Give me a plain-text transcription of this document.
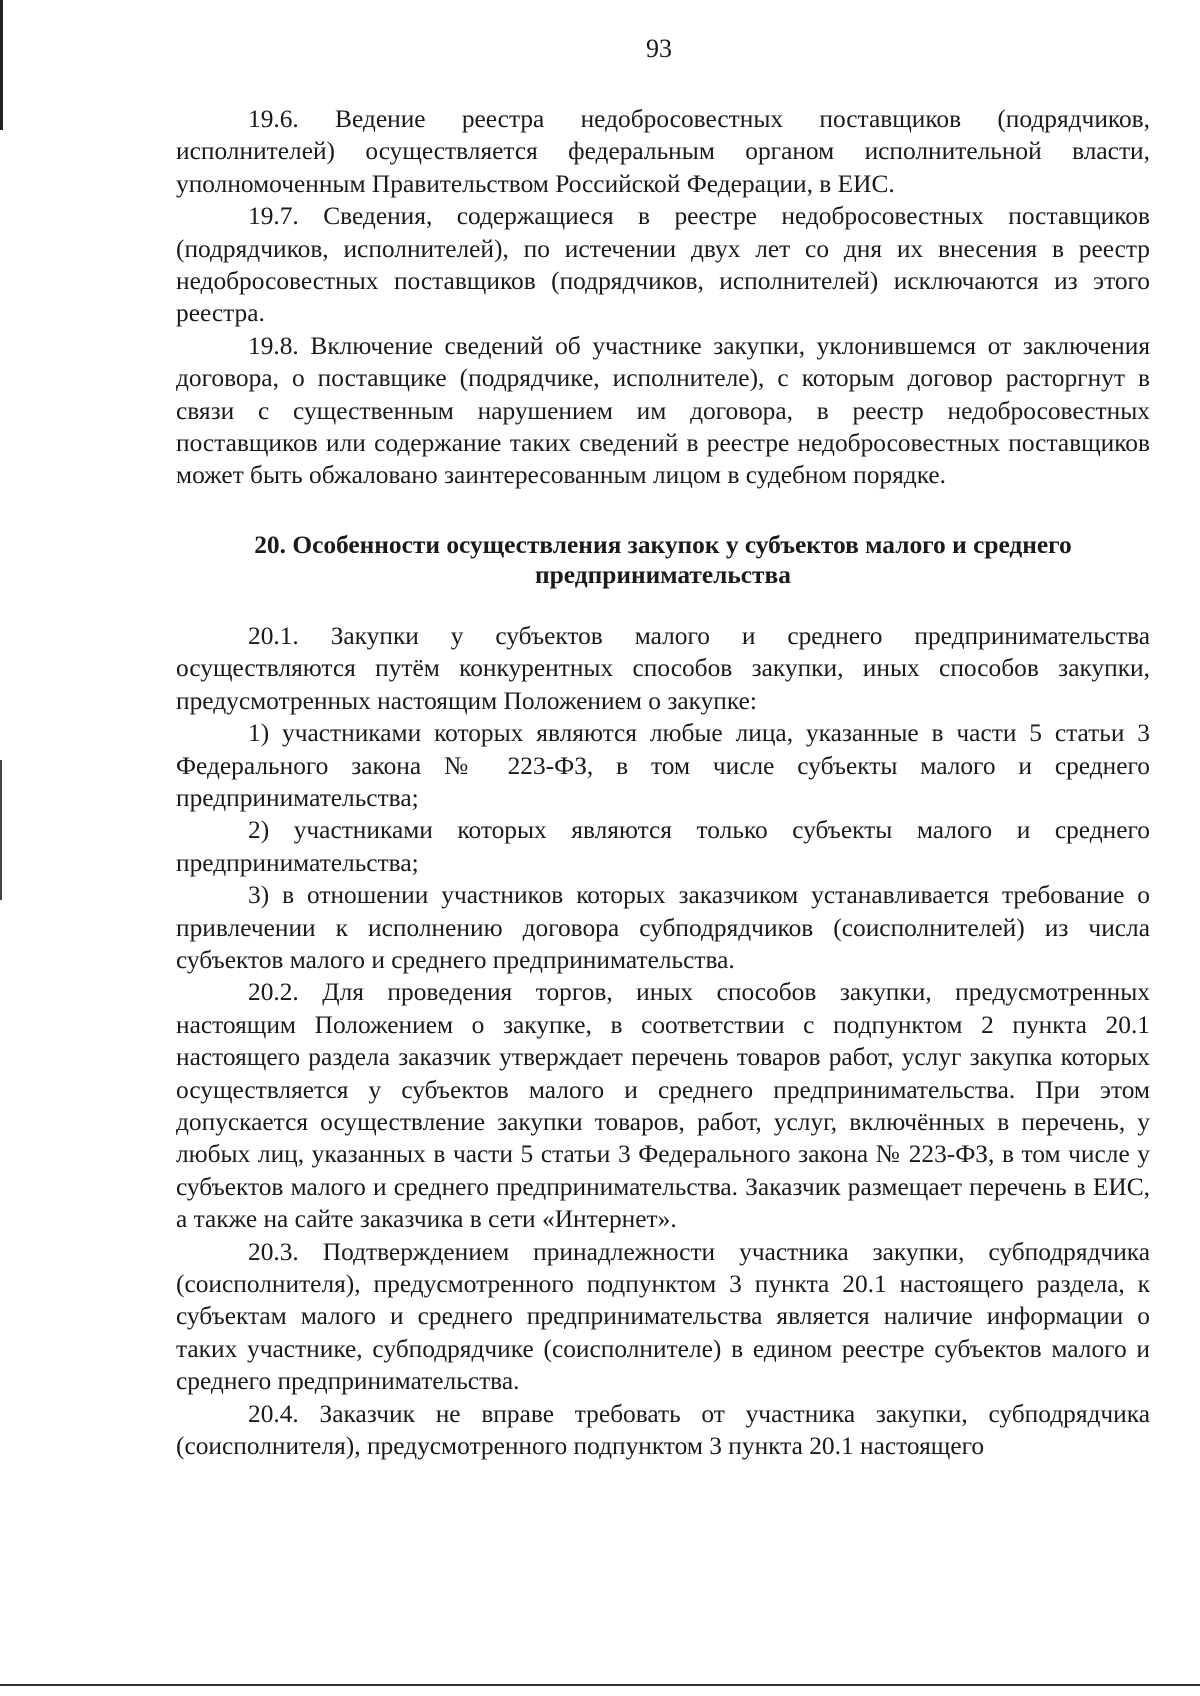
93

19.6. Ведение реестра недобросовестных поставщиков (подрядчиков, исполнителей) осуществляется федеральным органом исполнительной власти, уполномоченным Правительством Российской Федерации, в ЕИС.

19.7. Сведения, содержащиеся в реестре недобросовестных поставщиков (подрядчиков, исполнителей), по истечении двух лет со дня их внесения в реестр недобросовестных поставщиков (подрядчиков, исполнителей) исключаются из этого реестра.

19.8. Включение сведений об участнике закупки, уклонившемся от заключения договора, о поставщике (подрядчике, исполнителе), с которым договор расторгнут в связи с существенным нарушением им договора, в реестр недобросовестных поставщиков или содержание таких сведений в реестре недобросовестных поставщиков может быть обжаловано заинтересованным лицом в судебном порядке.

20. Особенности осуществления закупок у субъектов малого и среднего предпринимательства

20.1. Закупки у субъектов малого и среднего предпринимательства осуществляются путём конкурентных способов закупки, иных способов закупки, предусмотренных настоящим Положением о закупке:

1) участниками которых являются любые лица, указанные в части 5 статьи 3 Федерального закона № 223-ФЗ, в том числе субъекты малого и среднего предпринимательства;

2) участниками которых являются только субъекты малого и среднего предпринимательства;

3) в отношении участников которых заказчиком устанавливается требование о привлечении к исполнению договора субподрядчиков (соисполнителей) из числа субъектов малого и среднего предпринимательства.

20.2. Для проведения торгов, иных способов закупки, предусмотренных настоящим Положением о закупке, в соответствии с подпунктом 2 пункта 20.1 настоящего раздела заказчик утверждает перечень товаров работ, услуг закупка которых осуществляется у субъектов малого и среднего предпринимательства. При этом допускается осуществление закупки товаров, работ, услуг, включённых в перечень, у любых лиц, указанных в части 5 статьи 3 Федерального закона № 223-ФЗ, в том числе у субъектов малого и среднего предпринимательства. Заказчик размещает перечень в ЕИС, а также на сайте заказчика в сети «Интернет».

20.3. Подтверждением принадлежности участника закупки, субподрядчика (соисполнителя), предусмотренного подпунктом 3 пункта 20.1 настоящего раздела, к субъектам малого и среднего предпринимательства является наличие информации о таких участнике, субподрядчике (соисполнителе) в едином реестре субъектов малого и среднего предпринимательства.

20.4. Заказчик не вправе требовать от участника закупки, субподрядчика (соисполнителя), предусмотренного подпунктом 3 пункта 20.1 настоящего
